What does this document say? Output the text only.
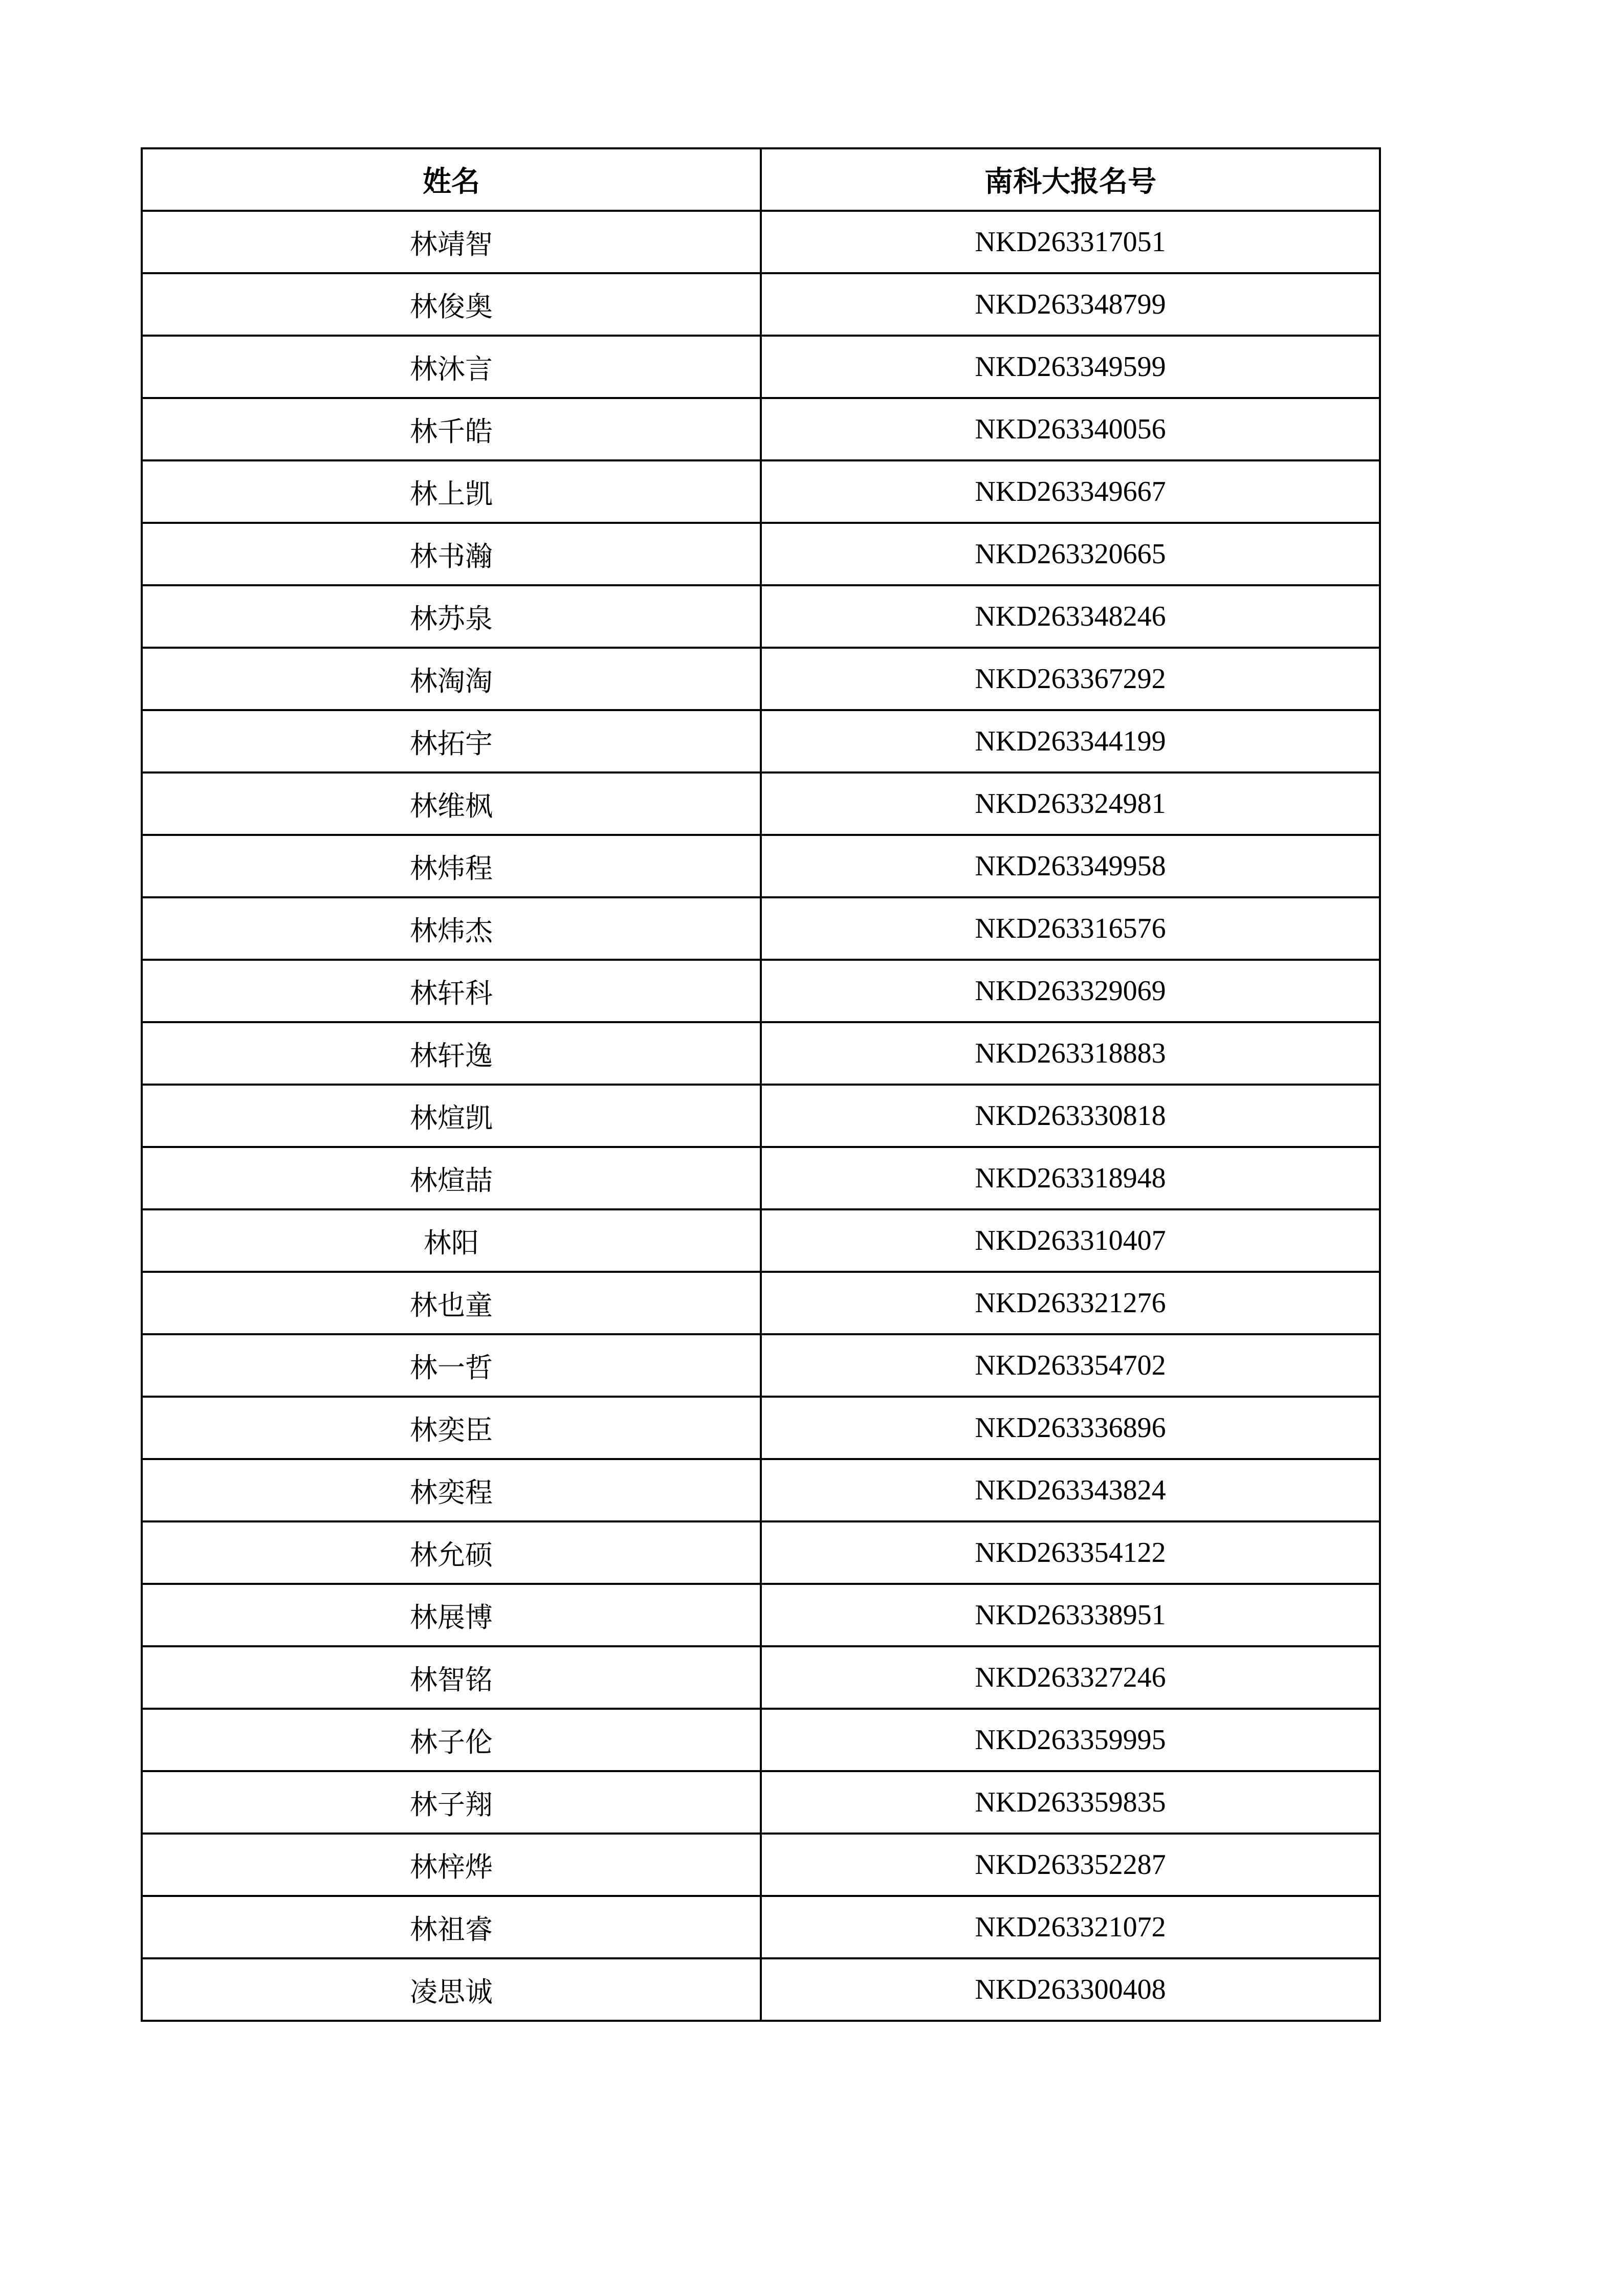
姓名	南科大报名号
林靖智	NKD263317051
林俊奥	NKD263348799
林沐言	NKD263349599
林千皓	NKD263340056
林上凯	NKD263349667
林书瀚	NKD263320665
林苏泉	NKD263348246
林淘淘	NKD263367292
林拓宇	NKD263344199
林维枫	NKD263324981
林炜程	NKD263349958
林炜杰	NKD263316576
林轩科	NKD263329069
林轩逸	NKD263318883
林煊凯	NKD263330818
林煊喆	NKD263318948
林阳	NKD263310407
林也童	NKD263321276
林一哲	NKD263354702
林奕臣	NKD263336896
林奕程	NKD263343824
林允硕	NKD263354122
林展博	NKD263338951
林智铭	NKD263327246
林子伦	NKD263359995
林子翔	NKD263359835
林梓烨	NKD263352287
林祖睿	NKD263321072
凌思诚	NKD263300408
